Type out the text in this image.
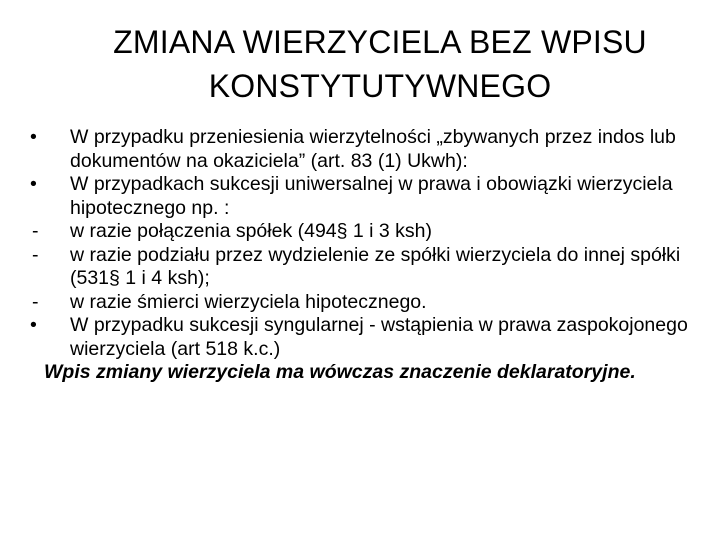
ZMIANA WIERZYCIELA BEZ WPISU
KONSTYTUTYWNEGO

•	W przypadku przeniesienia wierzytelności „zbywanych przez indos lub dokumentów na okaziciela” (art. 83 (1) Ukwh):

•	W przypadkach sukcesji uniwersalnej w prawa i obowiązki wierzyciela hipotecznego np. :

-	w razie połączenia spółek (494§ 1 i 3 ksh)

-	w razie podziału przez wydzielenie ze spółki wierzyciela do innej spółki (531§ 1 i 4 ksh);

-	w razie śmierci wierzyciela hipotecznego.

•	W przypadku sukcesji syngularnej - wstąpienia w prawa zaspokojonego wierzyciela (art 518 k.c.)

Wpis zmiany wierzyciela ma wówczas znaczenie deklaratoryjne.
